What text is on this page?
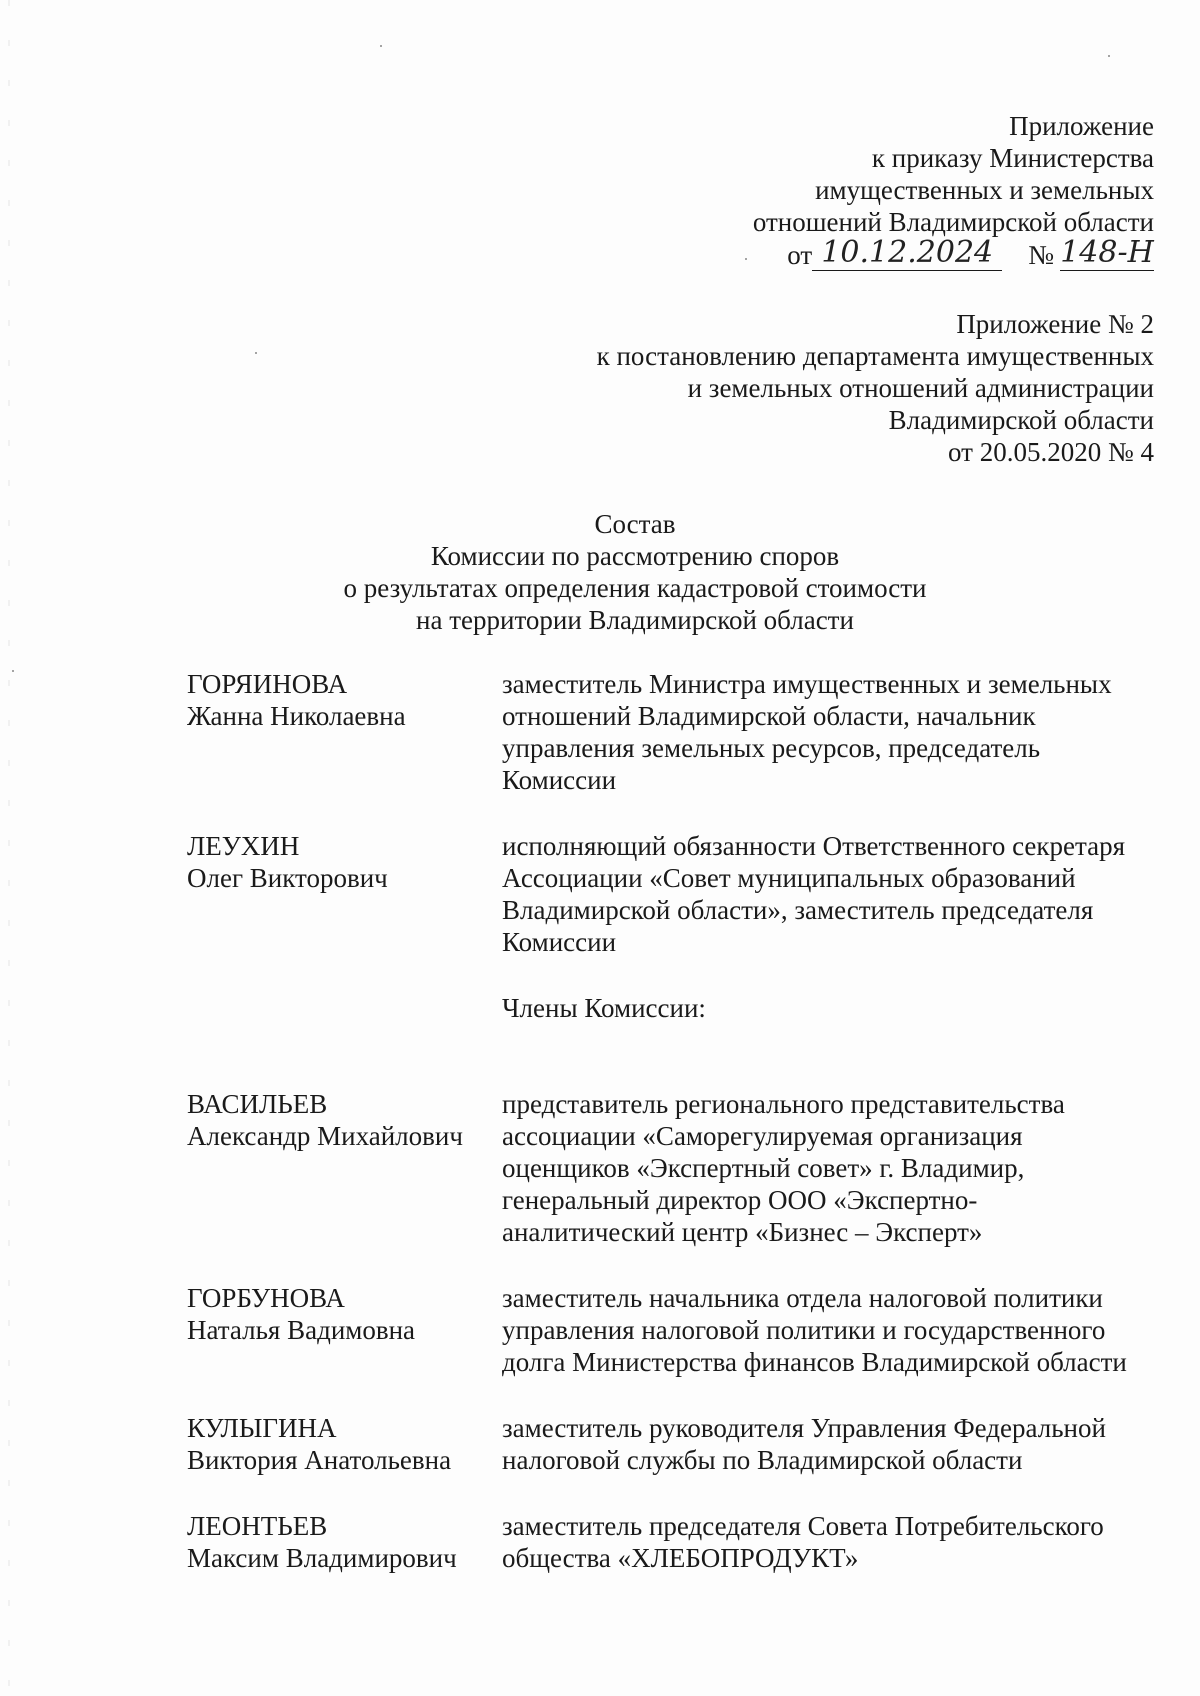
Приложение
к приказу Министерства
имущественных и земельных
отношений Владимирской области
от 10.12.2024	№ 148-Н
Приложение № 2
к постановлению департамента имущественных
и земельных отношений администрации
Владимирской области
от 20.05.2020 № 4
Состав
Комиссии по рассмотрению споров
о результатах определения кадастровой стоимости
на территории Владимирской области
ГОРЯИНОВА
Жанна Николаевна
заместитель Министра имущественных и земельных
отношений Владимирской области, начальник
управления земельных ресурсов, председатель
Комиссии
ЛЕУХИН
Олег Викторович
исполняющий обязанности Ответственного секретаря
Ассоциации «Совет муниципальных образований
Владимирской области», заместитель председателя
Комиссии
Члены Комиссии:
ВАСИЛЬЕВ
Александр Михайлович
представитель регионального представительства
ассоциации «Саморегулируемая организация
оценщиков «Экспертный совет» г. Владимир,
генеральный директор ООО «Экспертно-
аналитический центр «Бизнес – Эксперт»
ГОРБУНОВА
Наталья Вадимовна
заместитель начальника отдела налоговой политики
управления налоговой политики и государственного
долга Министерства финансов Владимирской области
КУЛЫГИНА
Виктория Анатольевна
заместитель руководителя Управления Федеральной
налоговой службы по Владимирской области
ЛЕОНТЬЕВ
Максим Владимирович
заместитель председателя Совета Потребительского
общества «ХЛЕБОПРОДУКТ»
